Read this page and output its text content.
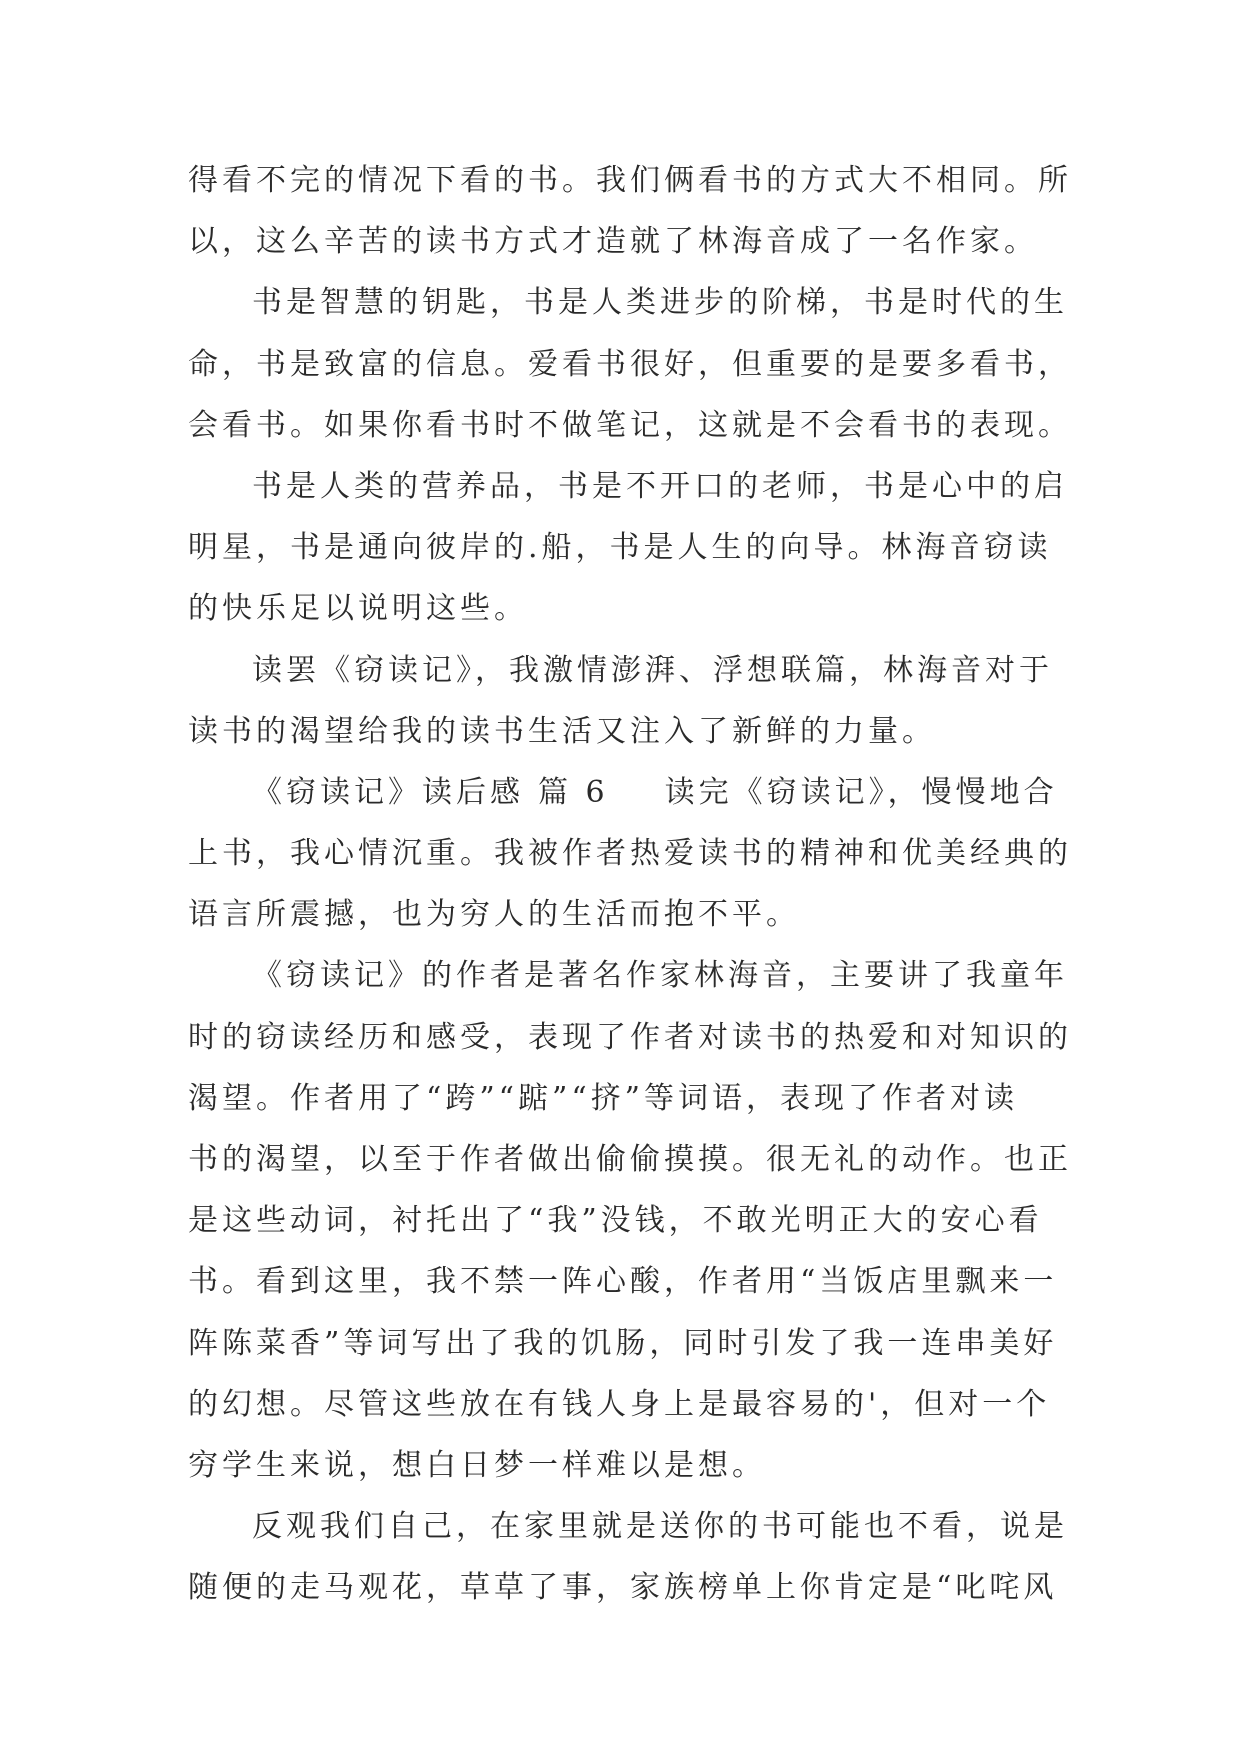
得看不完的情况下看的书。我们俩看书的方式大不相同。所
以，这么辛苦的读书方式才造就了林海音成了一名作家。
书是智慧的钥匙，书是人类进步的阶梯，书是时代的生
命，书是致富的信息。爱看书很好，但重要的是要多看书，
会看书。如果你看书时不做笔记，这就是不会看书的表现。
书是人类的营养品，书是不开口的老师，书是心中的启
明星，书是通向彼岸的.船，书是人生的向导。林海音窃读
的快乐足以说明这些。
读罢《窃读记》，我激情澎湃、浮想联篇，林海音对于
读书的渴望给我的读书生活又注入了新鲜的力量。
《窃读记》读后感 篇 6 读完《窃读记》，慢慢地合
上书，我心情沉重。我被作者热爱读书的精神和优美经典的
语言所震撼，也为穷人的生活而抱不平。
《窃读记》的作者是著名作家林海音，主要讲了我童年
时的窃读经历和感受，表现了作者对读书的热爱和对知识的
渴望。作者用了“跨”“踮”“挤”等词语，表现了作者对读
书的渴望，以至于作者做出偷偷摸摸。很无礼的动作。也正
是这些动词，衬托出了“我”没钱，不敢光明正大的安心看
书。看到这里，我不禁一阵心酸，作者用“当饭店里飘来一
阵陈菜香”等词写出了我的饥肠，同时引发了我一连串美好
的幻想。尽管这些放在有钱人身上是最容易的'，但对一个
穷学生来说，想白日梦一样难以是想。
反观我们自己，在家里就是送你的书可能也不看，说是
随便的走马观花，草草了事，家族榜单上你肯定是“叱咤风
